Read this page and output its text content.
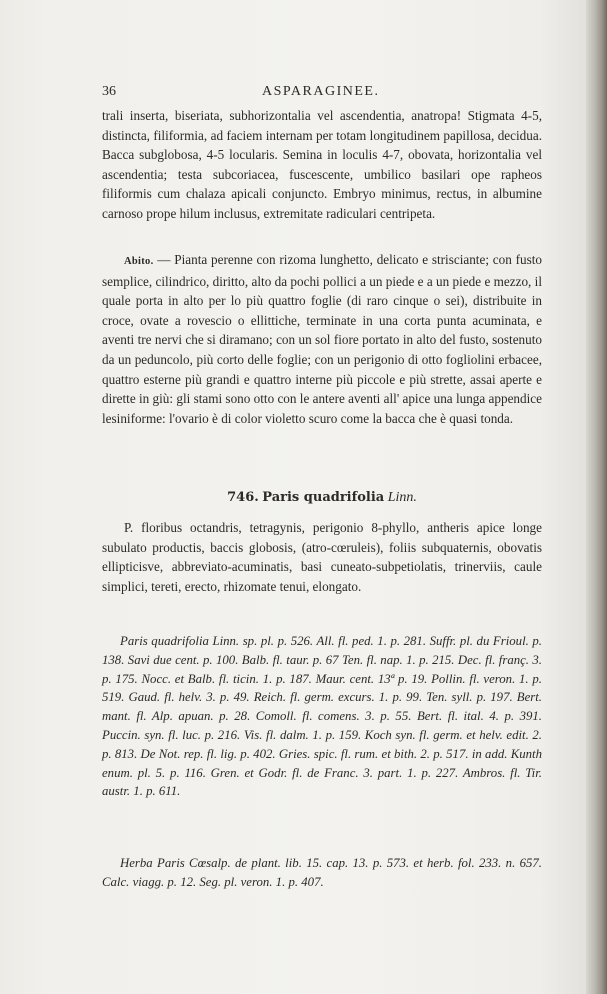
36	ASPARAGINEE.
trali inserta, biseriata, subhorizontalia vel ascendentia, anatropa! Stigmata 4-5, distincta, filiformia, ad faciem internam per totam longitudinem papillosa, decidua. Bacca subglobosa, 4-5 locularis. Semina in loculis 4-7, obovata, horizontalia vel ascendentia; testa subcoriacea, fuscescente, umbilico basilari ope rapheos filiformis cum chalaza apicali conjuncto. Embryo minimus, rectus, in albumine carnoso prope hilum inclusus, extremitate radiculari centripeta.
Abito. — Pianta perenne con rizoma lunghetto, delicato e strisciante; con fusto semplice, cilindrico, diritto, alto da pochi pollici a un piede e a un piede e mezzo, il quale porta in alto per lo più quattro foglie (di raro cinque o sei), distribuite in croce, ovate a rovescio o ellittiche, terminate in una corta punta acuminata, e aventi tre nervi che si diramano; con un sol fiore portato in alto del fusto, sostenuto da un peduncolo, più corto delle foglie; con un perigonio di otto fogliolini erbacee, quattro esterne più grandi e quattro interne più piccole e più strette, assai aperte e dirette in giù: gli stami sono otto con le antere aventi all' apice una lunga appendice lesiniforme: l'ovario è di color violetto scuro come la bacca che è quasi tonda.
746. Paris quadrifolia Linn.
P. floribus octandris, tetragynis, perigonio 8-phyllo, antheris apice longe subulato productis, baccis globosis, (atro-cœruleis), foliis subquaternis, obovatis ellipticisve, abbreviato-acuminatis, basi cuneato-subpetiolatis, trinerviis, caule simplici, tereti, erecto, rhizomate tenui, elongato.
Paris quadrifolia Linn. sp. pl. p. 526. All. fl. ped. 1. p. 281. Suffr. pl. du Frioul. p. 138. Savi due cent. p. 100. Balb. fl. taur. p. 67 Ten. fl. nap. 1. p. 215. Dec. fl. franç. 3. p. 175. Nocc. et Balb. fl. ticin. 1. p. 187. Maur. cent. 13ª p. 19. Pollin. fl. veron. 1. p. 519. Gaud. fl. helv. 3. p. 49. Reich. fl. germ. excurs. 1. p. 99. Ten. syll. p. 197. Bert. mant. fl. Alp. apuan. p. 28. Comoll. fl. comens. 3. p. 55. Bert. fl. ital. 4. p. 391. Puccin. syn. fl. luc. p. 216. Vis. fl. dalm. 1. p. 159. Koch syn. fl. germ. et helv. edit. 2. p. 813. De Not. rep. fl. lig. p. 402. Gries. spic. fl. rum. et bith. 2. p. 517. in add. Kunth enum. pl. 5. p. 116. Gren. et Godr. fl. de Franc. 3. part. 1. p. 227. Ambros. fl. Tir. austr. 1. p. 611.
Herba Paris Cœsalp. de plant. lib. 15. cap. 13. p. 573. et herb. fol. 233. n. 657. Calc. viagg. p. 12. Seg. pl. veron. 1. p. 407.
